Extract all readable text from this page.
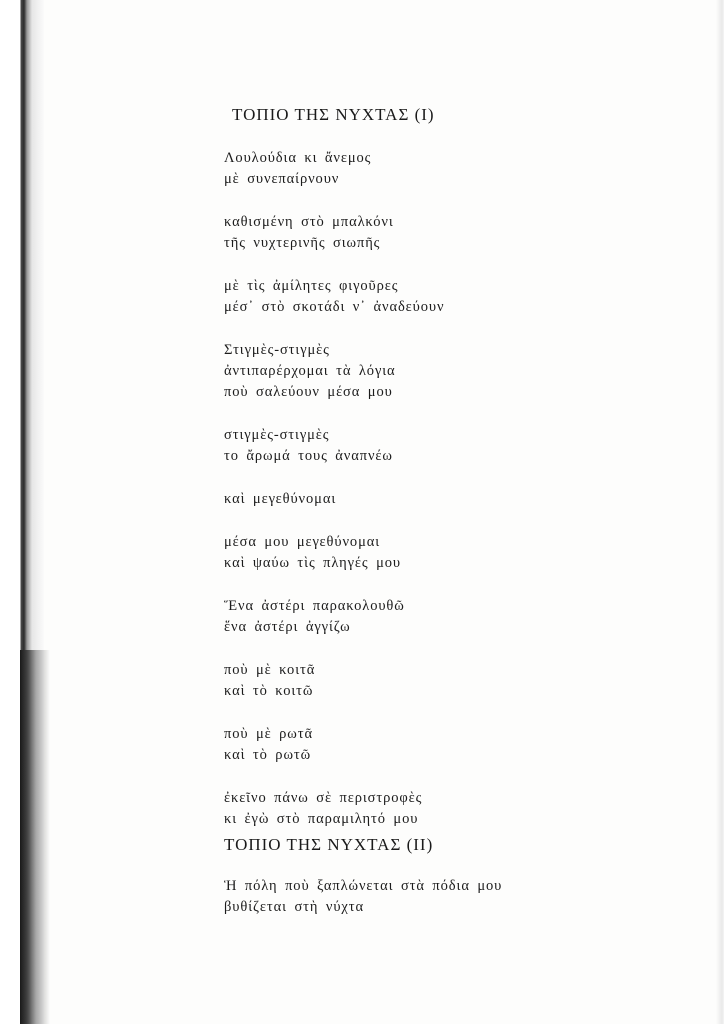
ΤΟΠΙΟ ΤΗΣ ΝΥΧΤΑΣ (I)
Λουλούδια κι ἄνεμος
μὲ συνεπαίρνουν
καθισμένη στὸ μπαλκόνι
τῆς νυχτερινῆς σιωπῆς
μὲ τὶς ἀμίλητες φιγοῦρες
μέσ᾽ στὸ σκοτάδι ν᾽ ἀναδεύουν
Στιγμὲς-στιγμὲς
ἀντιπαρέρχομαι τὰ λόγια
ποὺ σαλεύουν μέσα μου
στιγμὲς-στιγμὲς
το ἄρωμά τους ἀναπνέω
καὶ μεγεθύνομαι
μέσα μου μεγεθύνομαι
καὶ ψαύω τὶς πληγές μου
Ἕνα ἀστέρι παρακολουθῶ
ἕνα ἀστέρι ἀγγίζω
ποὺ μὲ κοιτᾶ
καὶ τὸ κοιτῶ
ποὺ μὲ ρωτᾶ
καὶ τὸ ρωτῶ
ἐκεῖνο πάνω σὲ περιστροφὲς
κι ἐγὼ στὸ παραμιλητό μου
ΤΟΠΙΟ ΤΗΣ ΝΥΧΤΑΣ (II)
Ἡ πόλη ποὺ ξαπλώνεται στὰ πόδια μου
βυθίζεται στὴ νύχτα
